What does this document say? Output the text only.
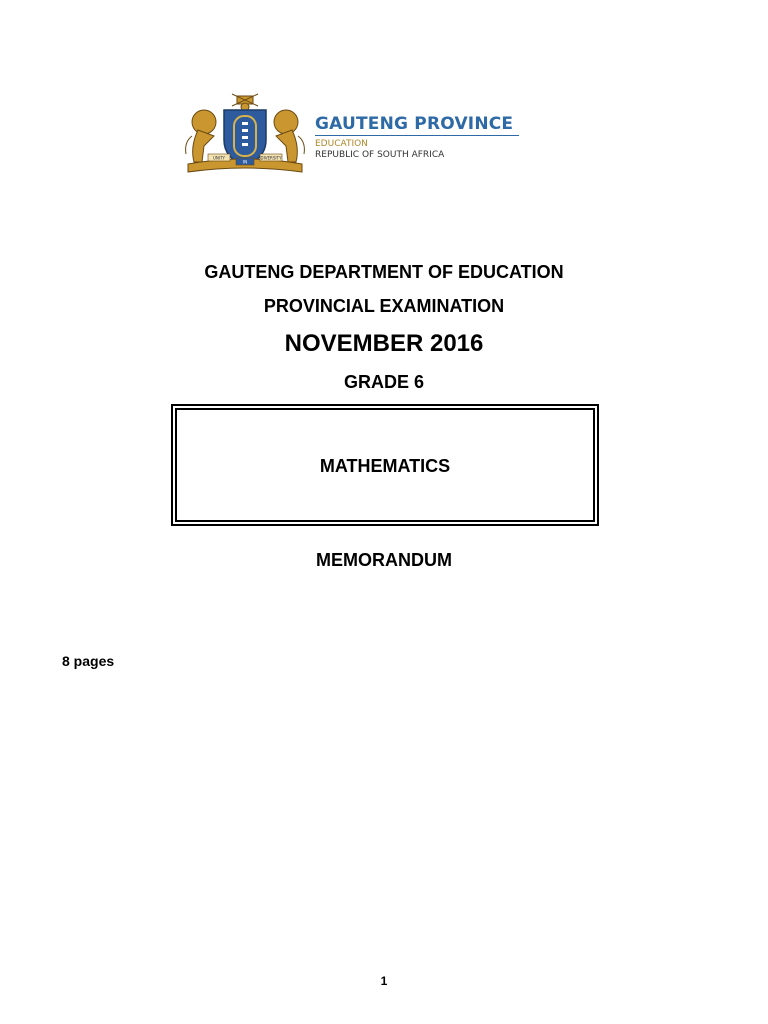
UNITY
IN
DIVERSITY
GAUTENG PROVINCE
EDUCATION
REPUBLIC OF SOUTH AFRICA
GAUTENG DEPARTMENT OF EDUCATION
PROVINCIAL EXAMINATION
NOVEMBER 2016
GRADE 6
MATHEMATICS
MEMORANDUM
8 pages
1
